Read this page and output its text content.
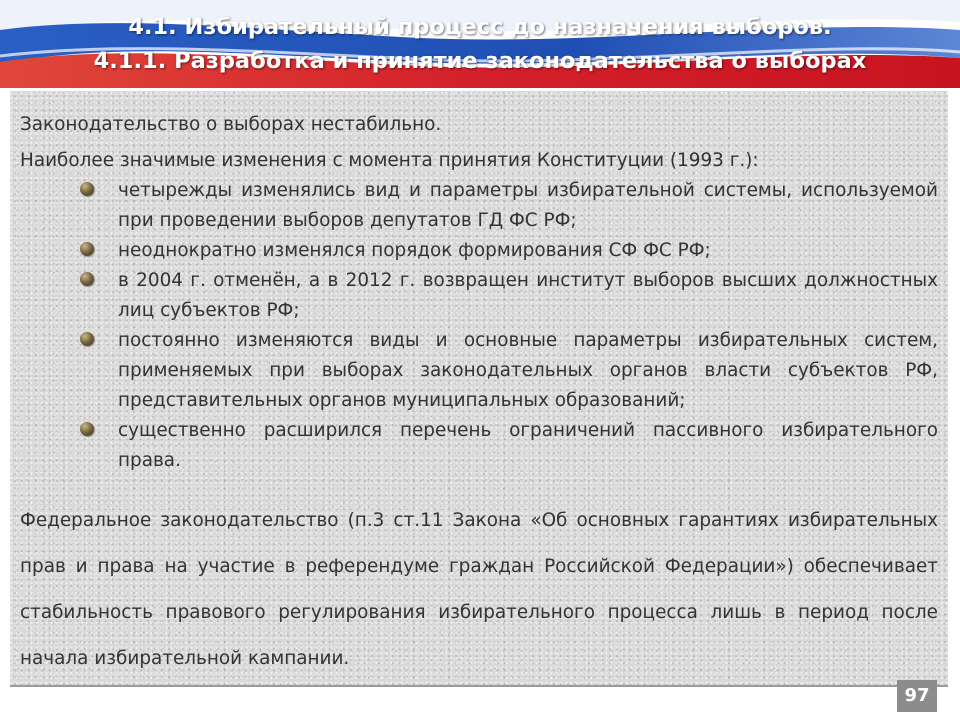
4.1. Избирательный процесс до назначения выборов.
4.1.1. Разработка и принятие законодательства о выборах

Законодательство о выборах нестабильно.

Наиболее значимые изменения с момента принятия Конституции (1993 г.):

четырежды изменялись вид и параметры избирательной системы, используемой при проведении выборов депутатов ГД ФС РФ;
неоднократно изменялся порядок формирования СФ ФС РФ;
в 2004 г. отменён, а в 2012 г. возвращен институт выборов высших должностных лиц субъектов РФ;
постоянно изменяются виды и основные параметры избирательных систем, применяемых при выборах законодательных органов власти субъектов РФ, представительных органов муниципальных образований;
существенно расширился перечень ограничений пассивного избирательного права.

Федеральное законодательство (п.3 ст.11 Закона «Об основных гарантиях избирательных прав и права на участие в референдуме граждан Российской Федерации») обеспечивает стабильность правового регулирования избирательного процесса лишь в период после начала избирательной кампании.

97
